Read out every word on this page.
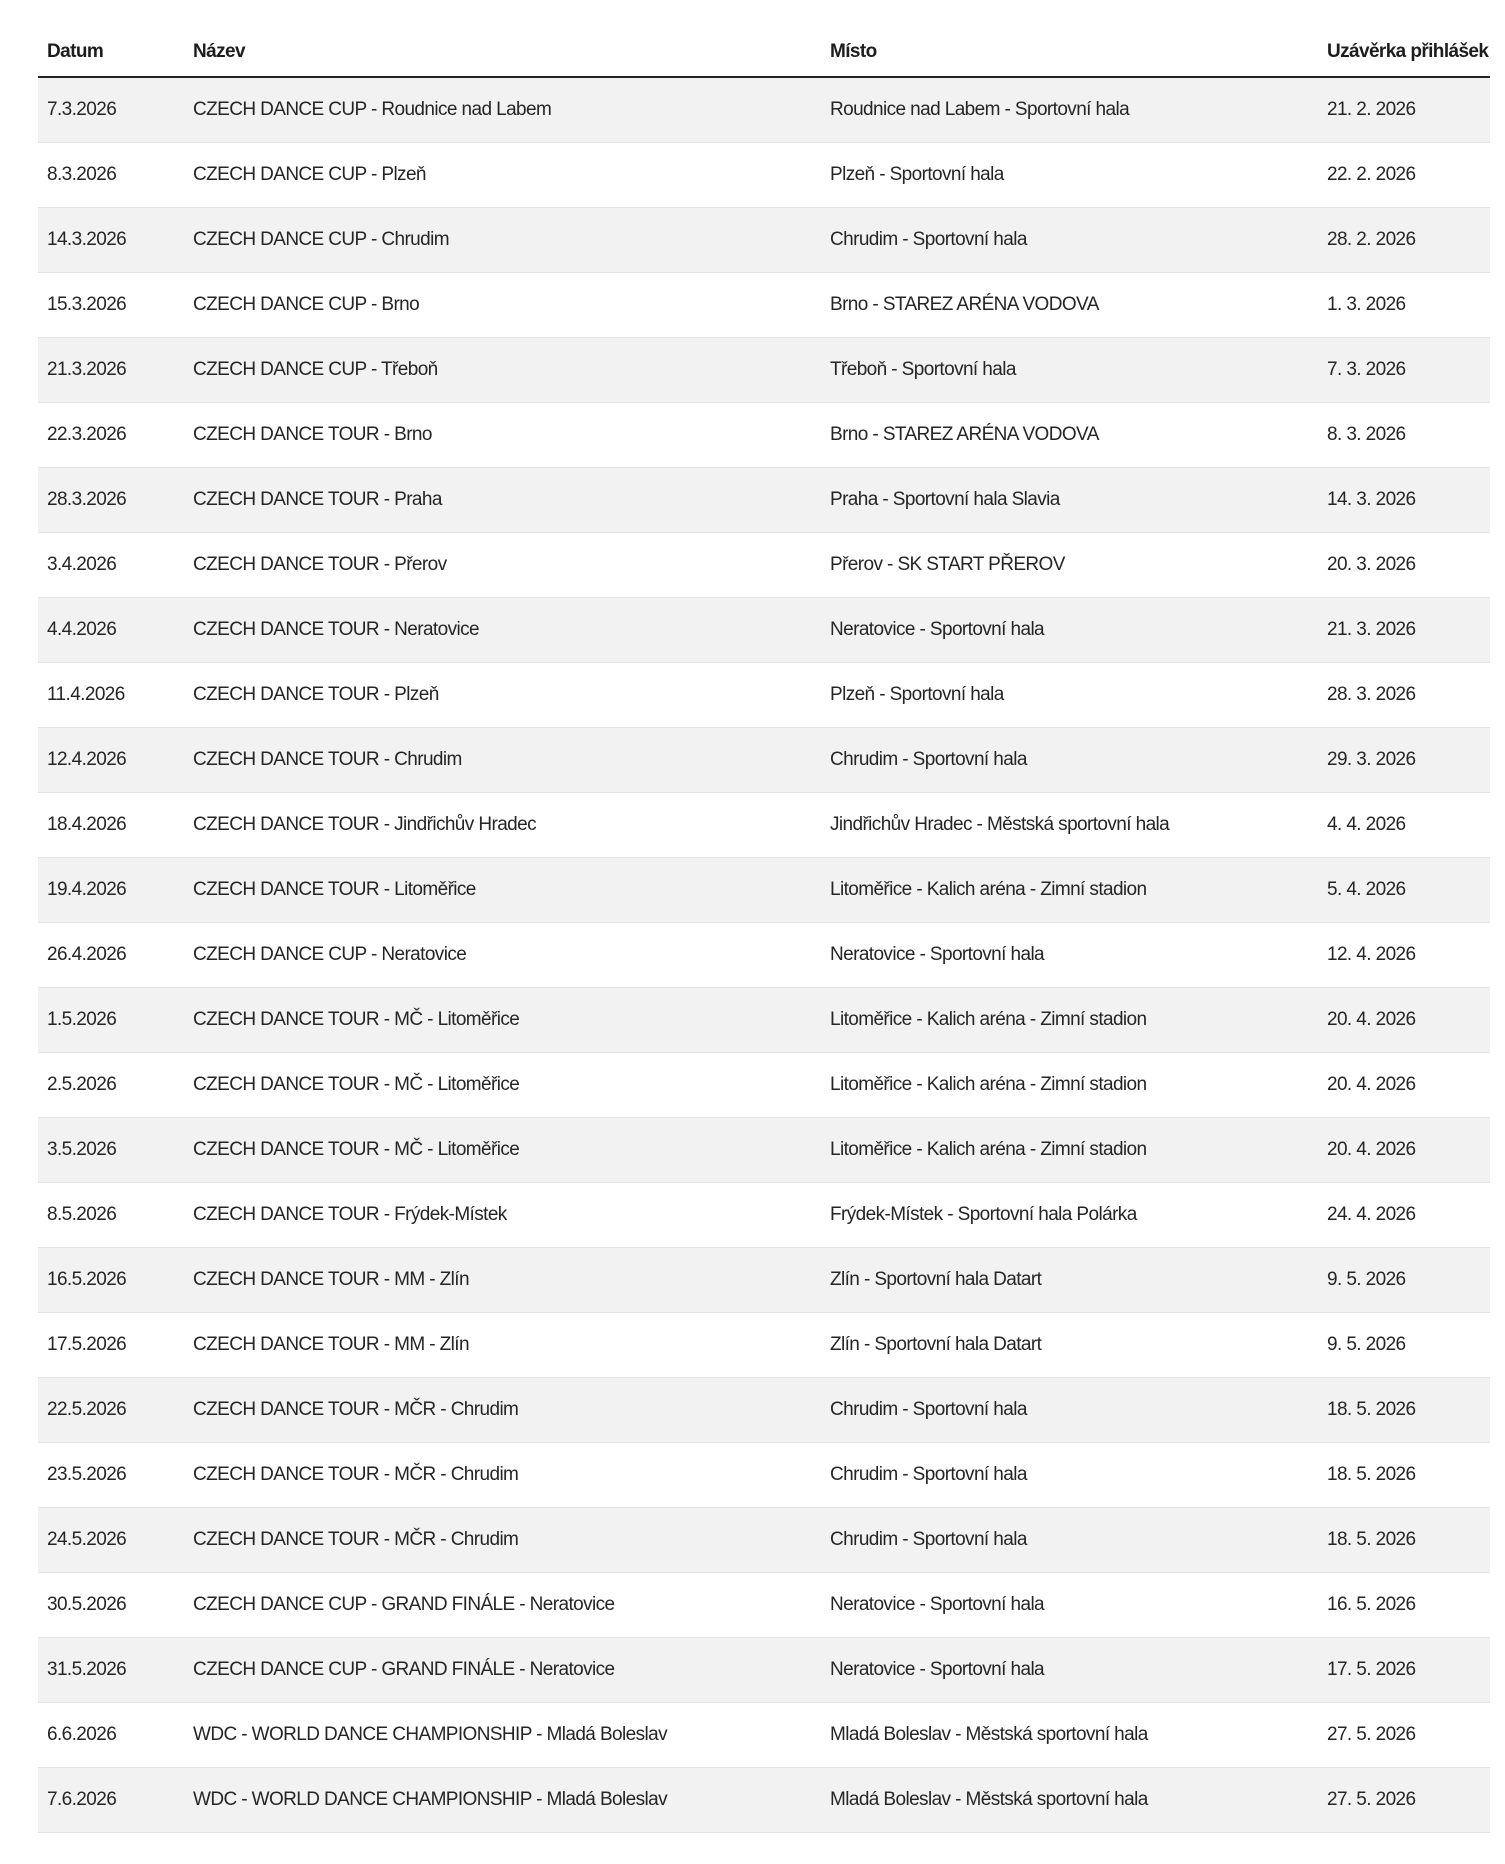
Datum	Název	Místo	Uzávěrka přihlášek
7.3.2026	CZECH DANCE CUP - Roudnice nad Labem	Roudnice nad Labem - Sportovní hala	21. 2. 2026
8.3.2026	CZECH DANCE CUP - Plzeň	Plzeň - Sportovní hala	22. 2. 2026
14.3.2026	CZECH DANCE CUP - Chrudim	Chrudim - Sportovní hala	28. 2. 2026
15.3.2026	CZECH DANCE CUP - Brno	Brno - STAREZ ARÉNA VODOVA	1. 3. 2026
21.3.2026	CZECH DANCE CUP - Třeboň	Třeboň - Sportovní hala	7. 3. 2026
22.3.2026	CZECH DANCE TOUR - Brno	Brno - STAREZ ARÉNA VODOVA	8. 3. 2026
28.3.2026	CZECH DANCE TOUR - Praha	Praha - Sportovní hala Slavia	14. 3. 2026
3.4.2026	CZECH DANCE TOUR - Přerov	Přerov - SK START PŘEROV	20. 3. 2026
4.4.2026	CZECH DANCE TOUR - Neratovice	Neratovice - Sportovní hala	21. 3. 2026
11.4.2026	CZECH DANCE TOUR - Plzeň	Plzeň - Sportovní hala	28. 3. 2026
12.4.2026	CZECH DANCE TOUR - Chrudim	Chrudim - Sportovní hala	29. 3. 2026
18.4.2026	CZECH DANCE TOUR - Jindřichův Hradec	Jindřichův Hradec - Městská sportovní hala	4. 4. 2026
19.4.2026	CZECH DANCE TOUR - Litoměřice	Litoměřice - Kalich aréna - Zimní stadion	5. 4. 2026
26.4.2026	CZECH DANCE CUP - Neratovice	Neratovice - Sportovní hala	12. 4. 2026
1.5.2026	CZECH DANCE TOUR - MČ - Litoměřice	Litoměřice - Kalich aréna - Zimní stadion	20. 4. 2026
2.5.2026	CZECH DANCE TOUR - MČ - Litoměřice	Litoměřice - Kalich aréna - Zimní stadion	20. 4. 2026
3.5.2026	CZECH DANCE TOUR - MČ - Litoměřice	Litoměřice - Kalich aréna - Zimní stadion	20. 4. 2026
8.5.2026	CZECH DANCE TOUR - Frýdek-Místek	Frýdek-Místek - Sportovní hala Polárka	24. 4. 2026
16.5.2026	CZECH DANCE TOUR - MM - Zlín	Zlín - Sportovní hala Datart	9. 5. 2026
17.5.2026	CZECH DANCE TOUR - MM - Zlín	Zlín - Sportovní hala Datart	9. 5. 2026
22.5.2026	CZECH DANCE TOUR - MČR - Chrudim	Chrudim - Sportovní hala	18. 5. 2026
23.5.2026	CZECH DANCE TOUR - MČR - Chrudim	Chrudim - Sportovní hala	18. 5. 2026
24.5.2026	CZECH DANCE TOUR - MČR - Chrudim	Chrudim - Sportovní hala	18. 5. 2026
30.5.2026	CZECH DANCE CUP - GRAND FINÁLE - Neratovice	Neratovice - Sportovní hala	16. 5. 2026
31.5.2026	CZECH DANCE CUP - GRAND FINÁLE - Neratovice	Neratovice - Sportovní hala	17. 5. 2026
6.6.2026	WDC - WORLD DANCE CHAMPIONSHIP - Mladá Boleslav	Mladá Boleslav - Městská sportovní hala	27. 5. 2026
7.6.2026	WDC - WORLD DANCE CHAMPIONSHIP - Mladá Boleslav	Mladá Boleslav - Městská sportovní hala	27. 5. 2026
